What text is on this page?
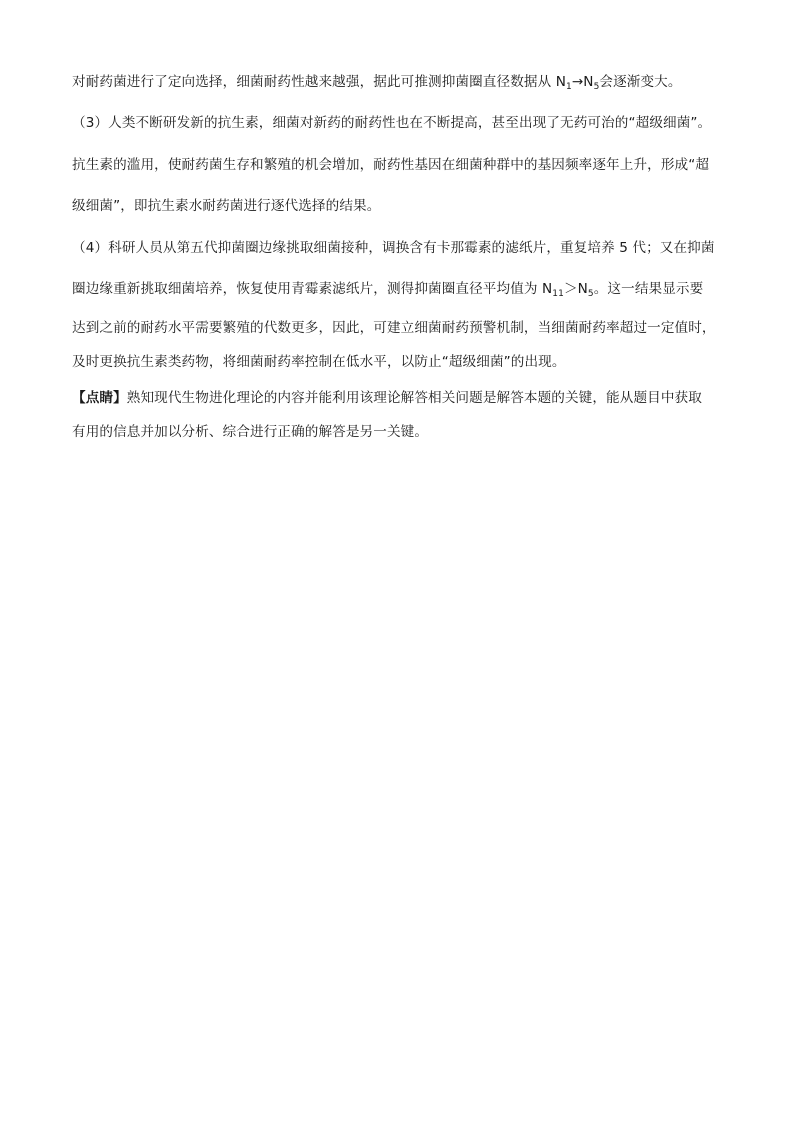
对耐药菌进行了定向选择，细菌耐药性越来越强，据此可推测抑菌圈直径数据从 $N_1\to N_5$会逐渐变大。
（3）人类不断研发新的抗生素，细菌对新药的耐药性也在不断提高，甚至出现了无药可治的“超级细菌”。
抗生素的滥用，使耐药菌生存和繁殖的机会增加，耐药性基因在细菌种群中的基因频率逐年上升，形成“超
级细菌”，即抗生素水耐药菌进行逐代选择的结果。
（4）科研人员从第五代抑菌圈边缘挑取细菌接种，调换含有卡那霉素的滤纸片，重复培养 5 代；又在抑菌
圈边缘重新挑取细菌培养，恢复使用青霉素滤纸片，测得抑菌圈直径平均值为 $N_{11}>N_5$。这一结果显示要
达到之前的耐药水平需要繁殖的代数更多，因此，可建立细菌耐药预警机制，当细菌耐药率超过一定值时，
及时更换抗生素类药物，将细菌耐药率控制在低水平，以防止“超级细菌”的出现。
【点睛】熟知现代生物进化理论的内容并能利用该理论解答相关问题是解答本题的关键，能从题目中获取
有用的信息并加以分析、综合进行正确的解答是另一关键。
